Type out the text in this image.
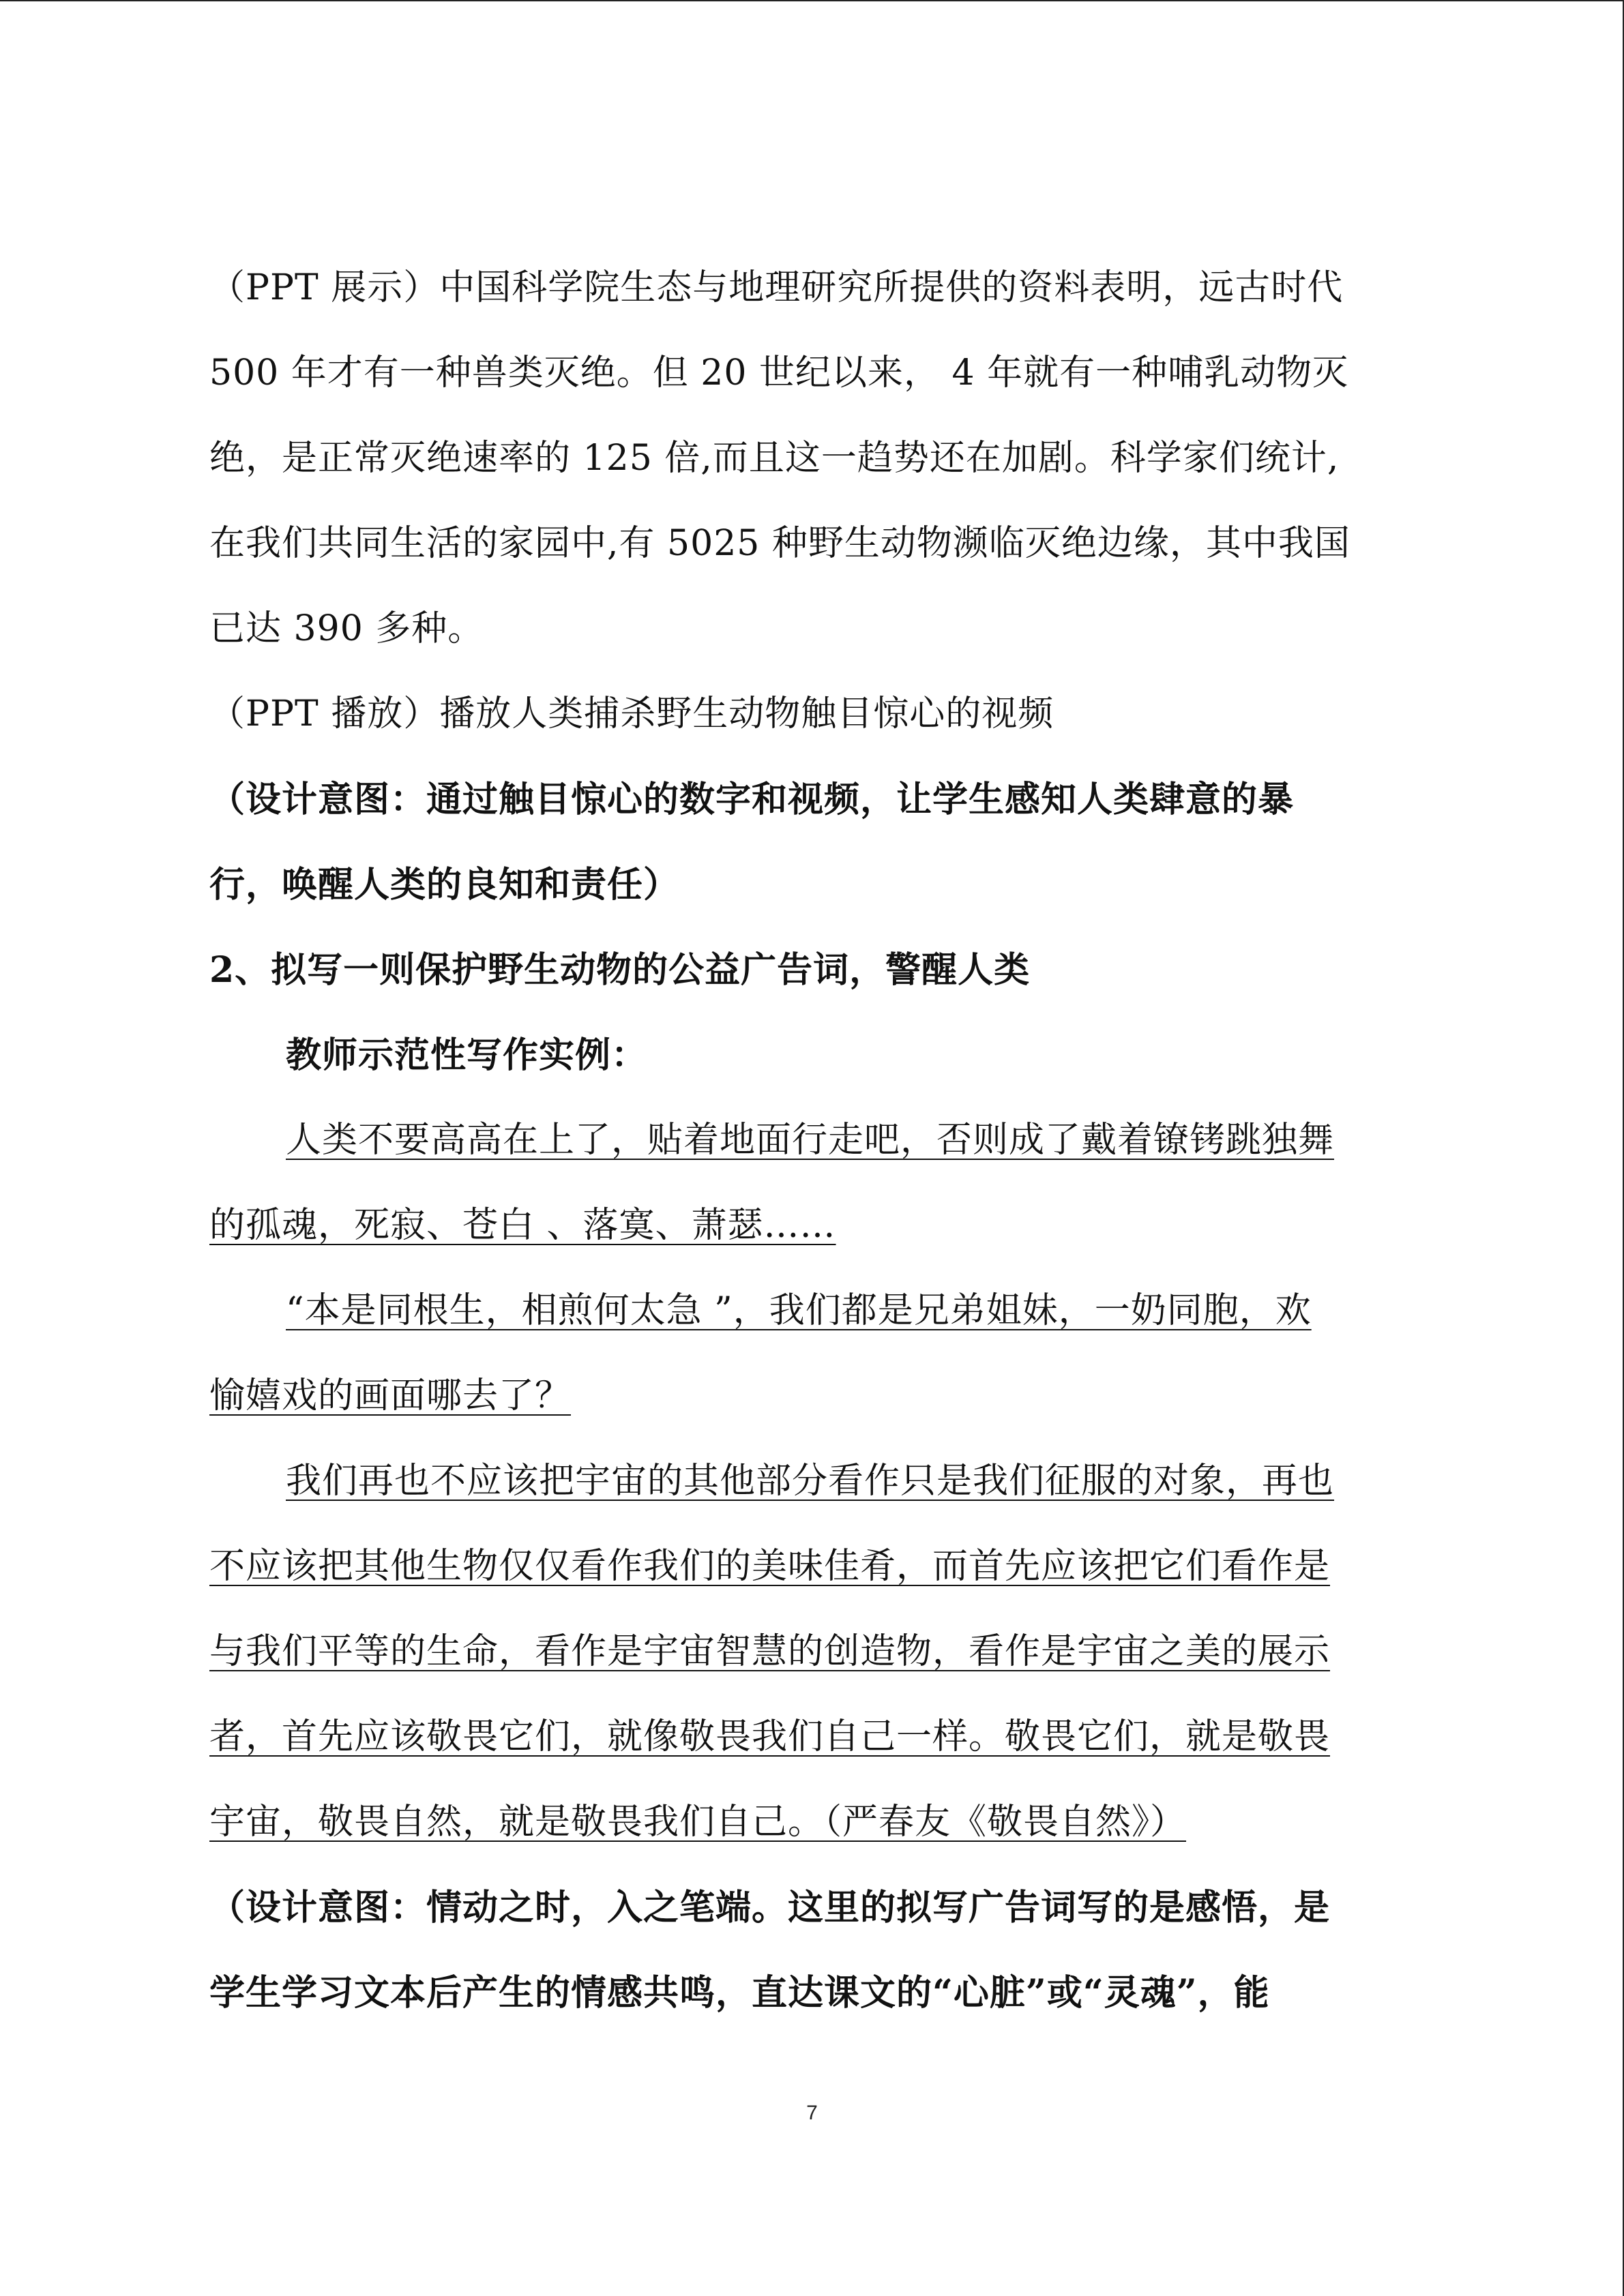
（PPT 展示）中国科学院生态与地理研究所提供的资料表明，远古时代
500 年才有一种兽类灭绝。但 20 世纪以来， 4 年就有一种哺乳动物灭
绝，是正常灭绝速率的 125 倍,而且这一趋势还在加剧。科学家们统计,
在我们共同生活的家园中,有 5025 种野生动物濒临灭绝边缘，其中我国
已达 390 多种。
（PPT 播放）播放人类捕杀野生动物触目惊心的视频
（设计意图：通过触目惊心的数字和视频，让学生感知人类肆意的暴
行，唤醒人类的良知和责任）
2、拟写一则保护野生动物的公益广告词，警醒人类
教师示范性写作实例：
人类不要高高在上了，贴着地面行走吧，否则成了戴着镣铐跳独舞
的孤魂，死寂、苍白 、落寞、萧瑟……
“本是同根生，相煎何太急 ”，我们都是兄弟姐妹，一奶同胞，欢
愉嬉戏的画面哪去了？
我们再也不应该把宇宙的其他部分看作只是我们征服的对象，再也
不应该把其他生物仅仅看作我们的美味佳肴，而首先应该把它们看作是
与我们平等的生命，看作是宇宙智慧的创造物，看作是宇宙之美的展示
者，首先应该敬畏它们，就像敬畏我们自己一样。敬畏它们，就是敬畏
宇宙，敬畏自然，就是敬畏我们自己。（严春友《敬畏自然》）
（设计意图：情动之时，入之笔端。这里的拟写广告词写的是感悟，是
学生学习文本后产生的情感共鸣，直达课文的“心脏”或“灵魂”，能
7
